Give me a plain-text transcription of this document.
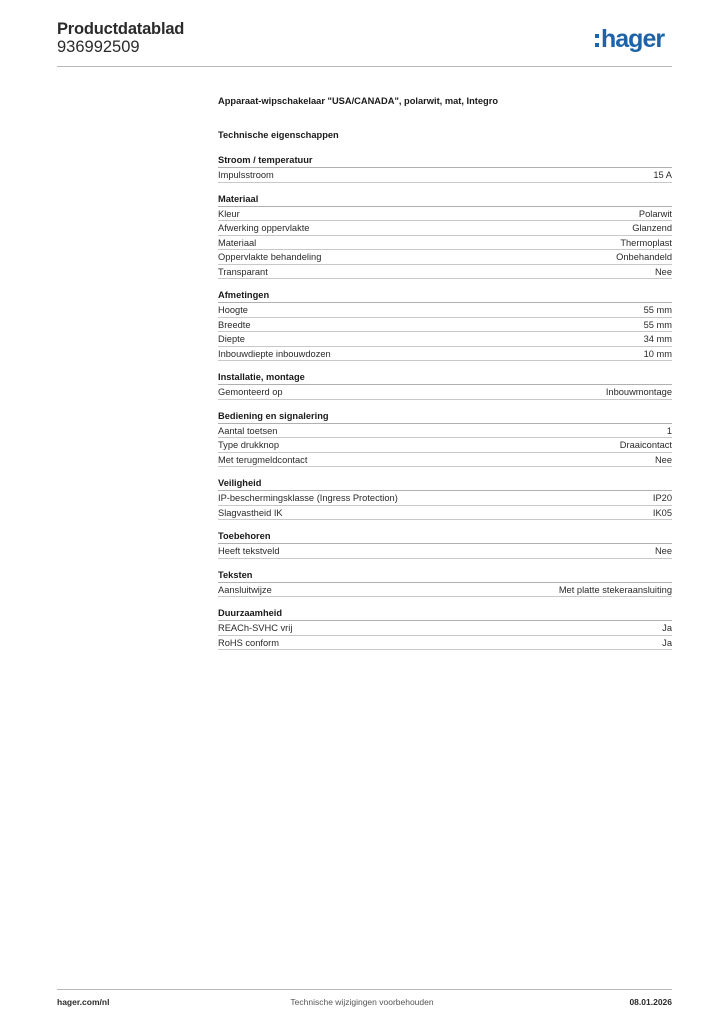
Productdatablad
936992509	hager
Apparaat-wipschakelaar "USA/CANADA", polarwit, mat, Integro
Technische eigenschappen
Stroom / temperatuur
Impulsstroom	15 A
Materiaal
Kleur	Polarwit
Afwerking oppervlakte	Glanzend
Materiaal	Thermoplast
Oppervlakte behandeling	Onbehandeld
Transparant	Nee
Afmetingen
Hoogte	55 mm
Breedte	55 mm
Diepte	34 mm
Inbouwdiepte inbouwdozen	10 mm
Installatie, montage
Gemonteerd op	Inbouwmontage
Bediening en signalering
Aantal toetsen	1
Type drukknop	Draaicontact
Met terugmeldcontact	Nee
Veiligheid
IP-beschermingsklasse (Ingress Protection)	IP20
Slagvastheid IK	IK05
Toebehoren
Heeft tekstveld	Nee
Teksten
Aansluitwijze	Met platte stekeraansluiting
Duurzaamheid
REACh-SVHC vrij	Ja
RoHS conform	Ja
hager.com/nl	Technische wijzigingen voorbehouden	08.01.2026
